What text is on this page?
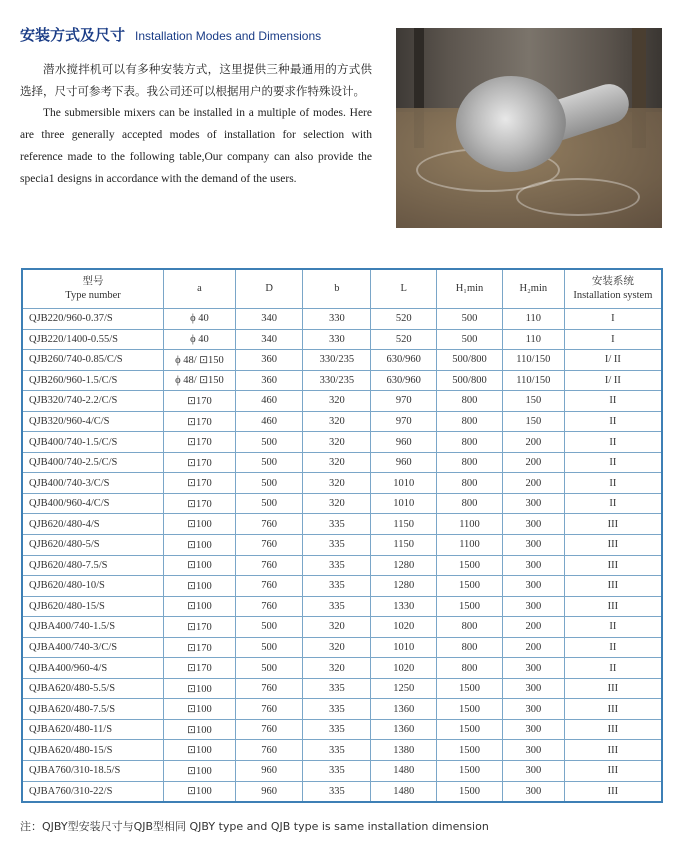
安装方式及尺寸 Installation Modes and Dimensions

潜水搅拌机可以有多种安装方式，这里提供三种最通用的方式供选择，尺寸可参考下表。我公司还可以根据用户的要求作特殊设计。

The submersible mixers can be installed in a multiple of modes. Here are three generally accepted modes of installation for selection with reference made to the following table,Our company can also provide the specia1 designs in accordance with the demand of the users.

型号
Type number	a	D	b	L	H₁min	H₂min	安装系统
Installation system
QJB220/960-0.37/S	ϕ 40	340	330	520	500	110	I
QJB220/1400-0.55/S	ϕ 40	340	330	520	500	110	I
QJB260/740-0.85/C/S	ϕ 48/ ⊡150	360	330/235	630/960	500/800	110/150	I/ II
QJB260/960-1.5/C/S	ϕ 48/ ⊡150	360	330/235	630/960	500/800	110/150	I/ II
QJB320/740-2.2/C/S	⊡170	460	320	970	800	150	II
QJB320/960-4/C/S	⊡170	460	320	970	800	150	II
QJB400/740-1.5/C/S	⊡170	500	320	960	800	200	II
QJB400/740-2.5/C/S	⊡170	500	320	960	800	200	II
QJB400/740-3/C/S	⊡170	500	320	1010	800	200	II
QJB400/960-4/C/S	⊡170	500	320	1010	800	300	II
QJB620/480-4/S	⊡100	760	335	1150	1100	300	III
QJB620/480-5/S	⊡100	760	335	1150	1100	300	III
QJB620/480-7.5/S	⊡100	760	335	1280	1500	300	III
QJB620/480-10/S	⊡100	760	335	1280	1500	300	III
QJB620/480-15/S	⊡100	760	335	1330	1500	300	III
QJBA400/740-1.5/S	⊡170	500	320	1020	800	200	II
QJBA400/740-3/C/S	⊡170	500	320	1010	800	200	II
QJBA400/960-4/S	⊡170	500	320	1020	800	300	II
QJBA620/480-5.5/S	⊡100	760	335	1250	1500	300	III
QJBA620/480-7.5/S	⊡100	760	335	1360	1500	300	III
QJBA620/480-11/S	⊡100	760	335	1360	1500	300	III
QJBA620/480-15/S	⊡100	760	335	1380	1500	300	III
QJBA760/310-18.5/S	⊡100	960	335	1480	1500	300	III
QJBA760/310-22/S	⊡100	960	335	1480	1500	300	III
注：QJBY型安装尺寸与QJB型相同 QJBY type and QJB type is same installation dimension
